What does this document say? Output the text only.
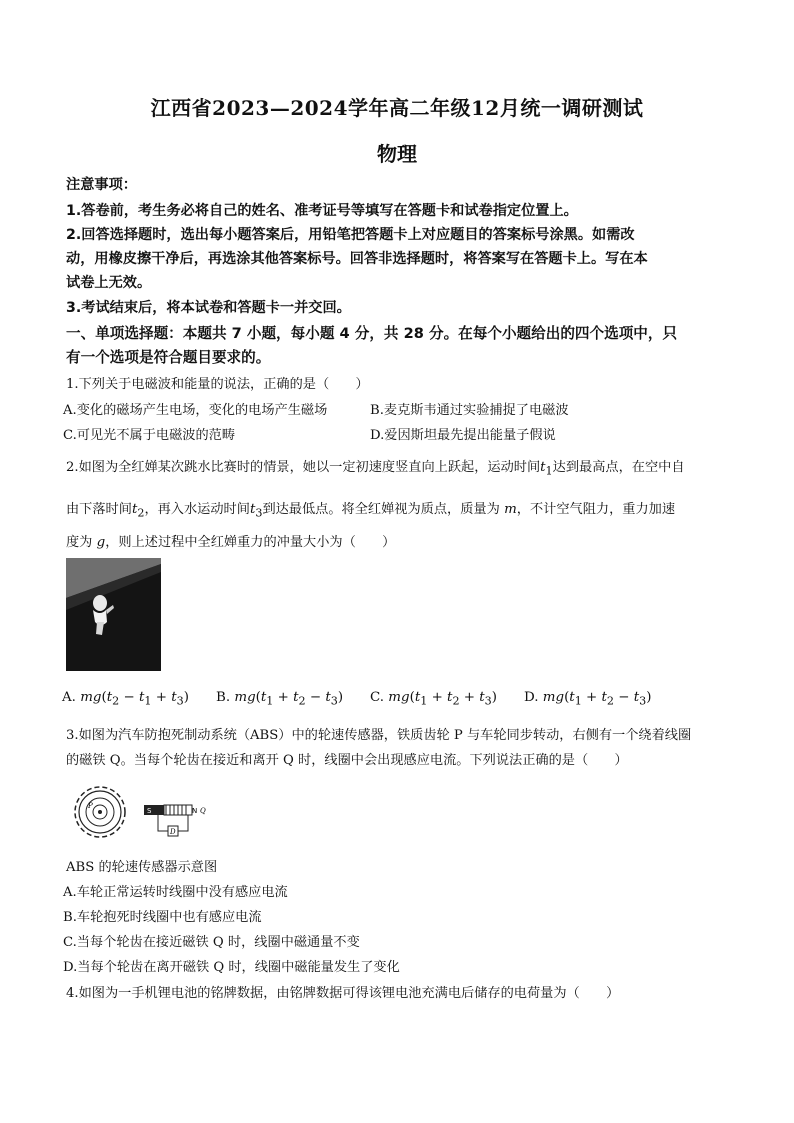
江西省2023—2024学年高二年级12月统一调研测试
物理
注意事项：
1.答卷前，考生务必将自己的姓名、准考证号等填写在答题卡和试卷指定位置上。
2.回答选择题时，选出每小题答案后，用铅笔把答题卡上对应题目的答案标号涂黑。如需改
动，用橡皮擦干净后，再选涂其他答案标号。回答非选择题时，将答案写在答题卡上。写在本
试卷上无效。
3.考试结束后，将本试卷和答题卡一并交回。
一、单项选择题：本题共 7 小题，每小题 4 分，共 28 分。在每个小题给出的四个选项中，只
有一个选项是符合题目要求的。
1.下列关于电磁波和能量的说法，正确的是（　　）
A.变化的磁场产生电场，变化的电场产生磁场	B.麦克斯韦通过实验捕捉了电磁波
C.可见光不属于电磁波的范畴	D.爱因斯坦最先提出能量子假说
2.如图为全红婵某次跳水比赛时的情景，她以一定初速度竖直向上跃起，运动时间$t_1$达到最高点，在空中自
由下落时间$t_2$，再入水运动时间$t_3$到达最低点。将全红婵视为质点，质量为 m，不计空气阻力，重力加速
度为 g，则上述过程中全红婵重力的冲量大小为（　　）
A. $mg(t_2 - t_1 + t_3)$ B. $mg(t_1 + t_2 - t_3)$ C. $mg(t_1 + t_2 + t_3)$ D. $mg(t_1 + t_2 - t_3)$
3.如图为汽车防抱死制动系统（ABS）中的轮速传感器，铁质齿轮 P 与车轮同步转动，右侧有一个绕着线圈
的磁铁 Q。当每个轮齿在接近和离开 Q 时，线圈中会出现感应电流。下列说法正确的是（　　）
P
S	N Q
D
ABS 的轮速传感器示意图
A.车轮正常运转时线圈中没有感应电流
B.车轮抱死时线圈中也有感应电流
C.当每个轮齿在接近磁铁 Q 时，线圈中磁通量不变
D.当每个轮齿在离开磁铁 Q 时，线圈中磁能量发生了变化
4.如图为一手机锂电池的铭牌数据，由铭牌数据可得该锂电池充满电后储存的电荷量为（　　）
